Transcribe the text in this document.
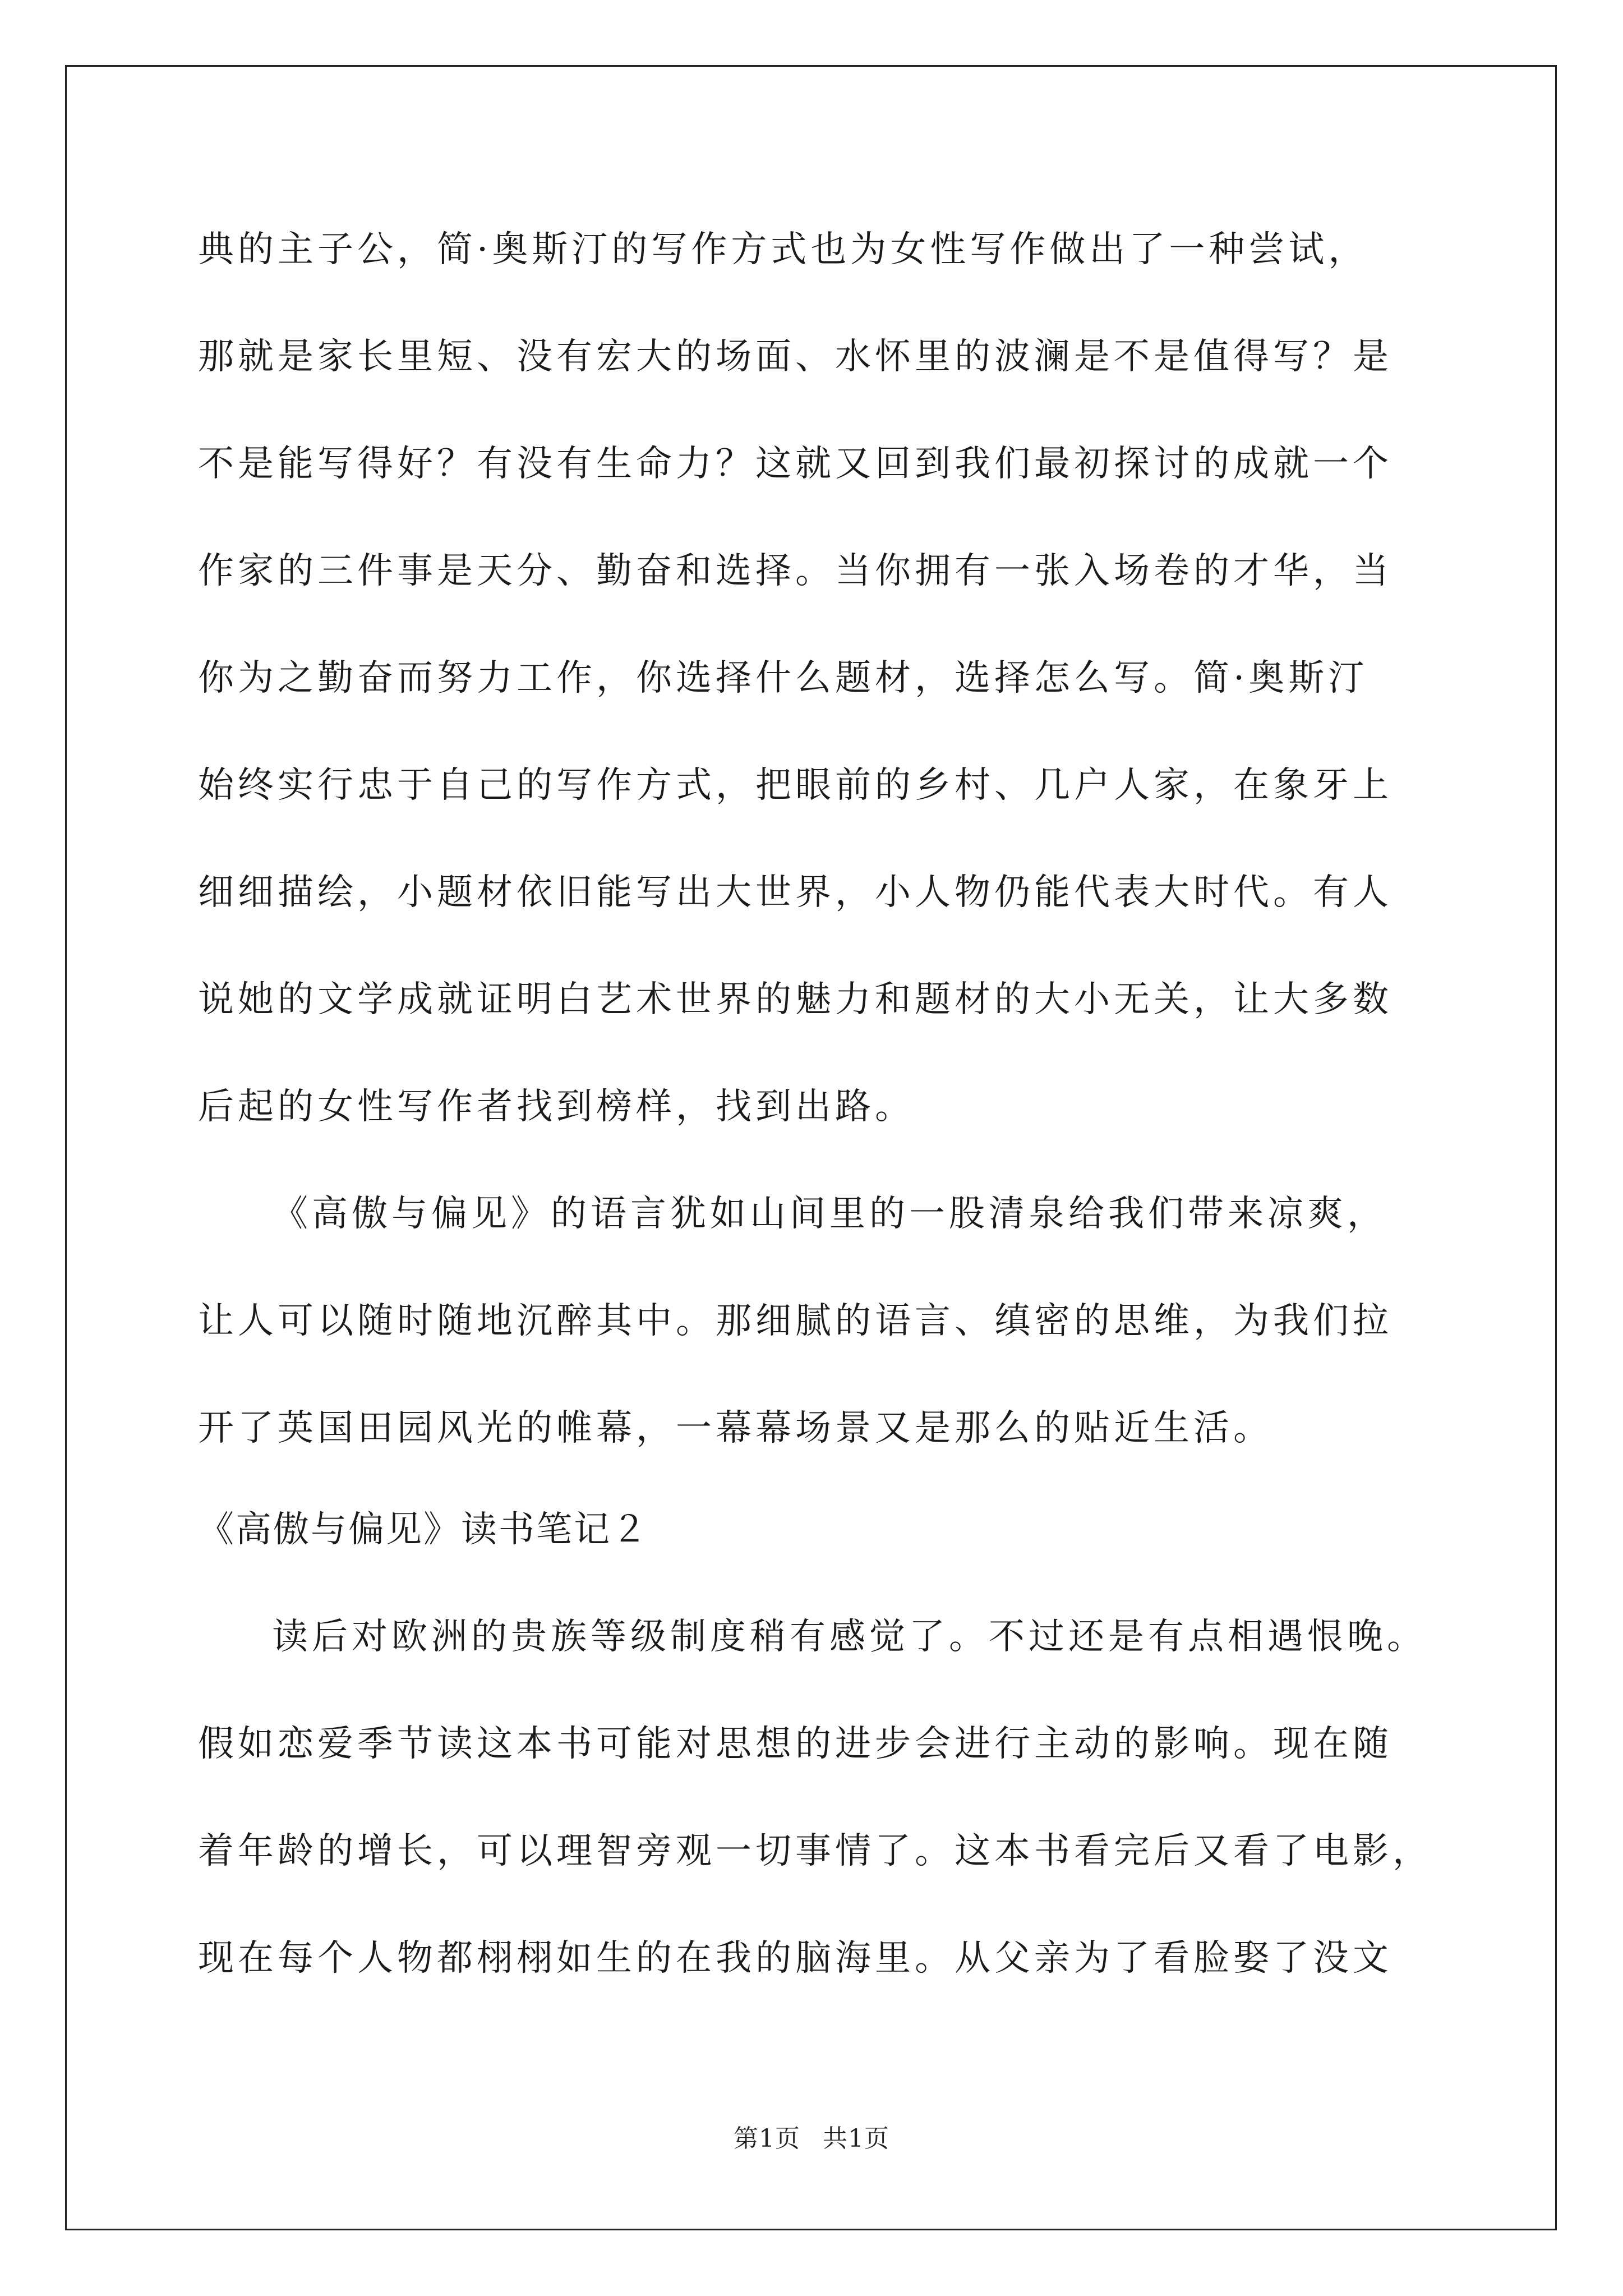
典的主子公，简·奥斯汀的写作方式也为女性写作做出了一种尝试，
那就是家长里短、没有宏大的场面、水怀里的波澜是不是值得写？是
不是能写得好？有没有生命力？这就又回到我们最初探讨的成就一个
作家的三件事是天分、勤奋和选择。当你拥有一张入场卷的才华，当
你为之勤奋而努力工作，你选择什么题材，选择怎么写。简·奥斯汀
始终实行忠于自己的写作方式，把眼前的乡村、几户人家，在象牙上
细细描绘，小题材依旧能写出大世界，小人物仍能代表大时代。有人
说她的文学成就证明白艺术世界的魅力和题材的大小无关，让大多数
后起的女性写作者找到榜样，找到出路。
《高傲与偏见》的语言犹如山间里的一股清泉给我们带来凉爽，
让人可以随时随地沉醉其中。那细腻的语言、缜密的思维，为我们拉
开了英国田园风光的帷幕，一幕幕场景又是那么的贴近生活。
《高傲与偏见》读书笔记２
读后对欧洲的贵族等级制度稍有感觉了。不过还是有点相遇恨晚。
假如恋爱季节读这本书可能对思想的进步会进行主动的影响。现在随
着年龄的增长，可以理智旁观一切事情了。这本书看完后又看了电影，
现在每个人物都栩栩如生的在我的脑海里。从父亲为了看脸娶了没文
第1页 共1页
